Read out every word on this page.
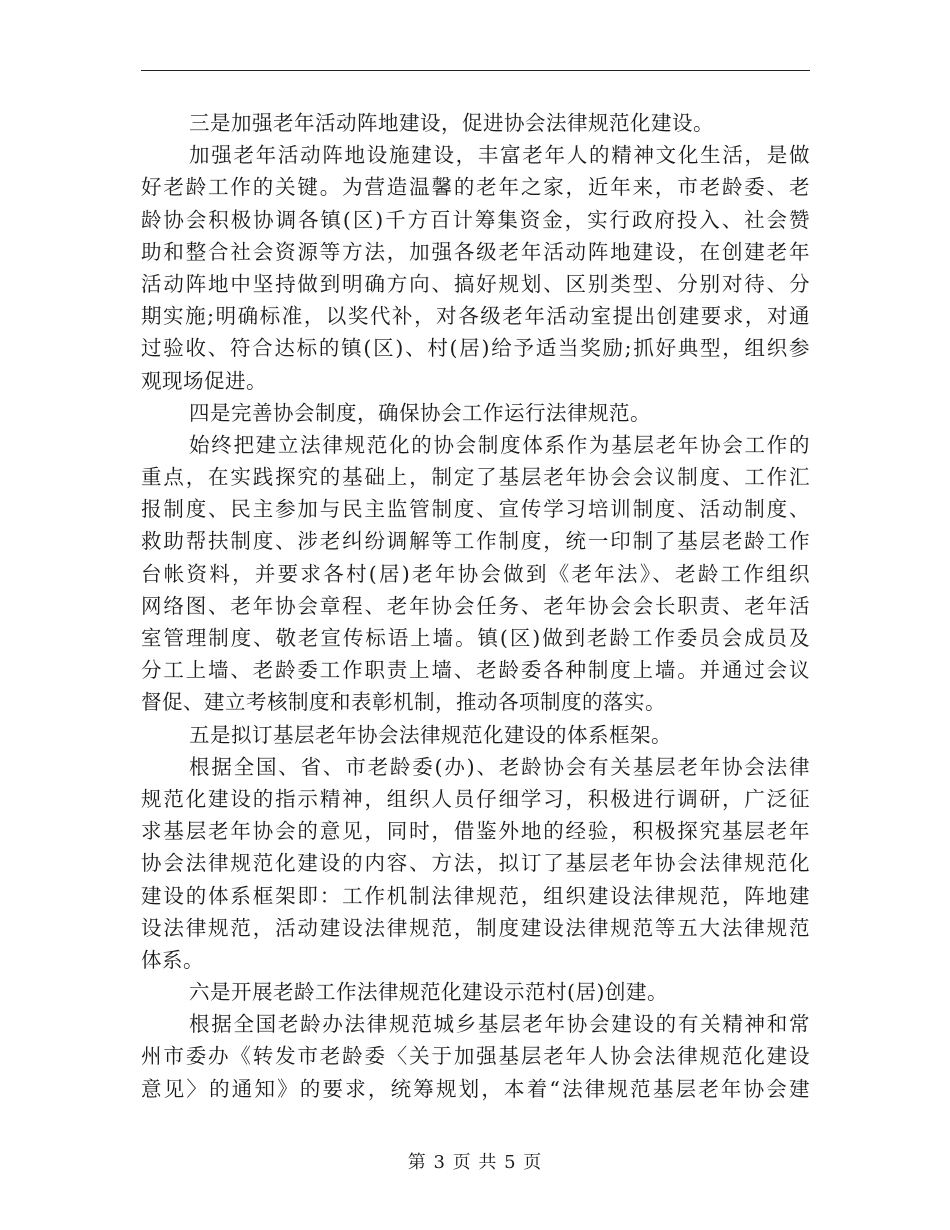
三是加强老年活动阵地建设，促进协会法律规范化建设。
加强老年活动阵地设施建设，丰富老年人的精神文化生活，是做
好老龄工作的关键。为营造温馨的老年之家，近年来，市老龄委、老
龄协会积极协调各镇(区)千方百计筹集资金，实行政府投入、社会赞
助和整合社会资源等方法，加强各级老年活动阵地建设，在创建老年
活动阵地中坚持做到明确方向、搞好规划、区别类型、分别对待、分
期实施;明确标准，以奖代补，对各级老年活动室提出创建要求，对通
过验收、符合达标的镇(区)、村(居)给予适当奖励;抓好典型，组织参
观现场促进。
四是完善协会制度，确保协会工作运行法律规范。
始终把建立法律规范化的协会制度体系作为基层老年协会工作的
重点，在实践探究的基础上，制定了基层老年协会会议制度、工作汇
报制度、民主参加与民主监管制度、宣传学习培训制度、活动制度、
救助帮扶制度、涉老纠纷调解等工作制度，统一印制了基层老龄工作
台帐资料，并要求各村(居)老年协会做到《老年法》、老龄工作组织
网络图、老年协会章程、老年协会任务、老年协会会长职责、老年活
室管理制度、敬老宣传标语上墙。镇(区)做到老龄工作委员会成员及
分工上墙、老龄委工作职责上墙、老龄委各种制度上墙。并通过会议
督促、建立考核制度和表彰机制，推动各项制度的落实。
五是拟订基层老年协会法律规范化建设的体系框架。
根据全国、省、市老龄委(办)、老龄协会有关基层老年协会法律
规范化建设的指示精神，组织人员仔细学习，积极进行调研，广泛征
求基层老年协会的意见，同时，借鉴外地的经验，积极探究基层老年
协会法律规范化建设的内容、方法，拟订了基层老年协会法律规范化
建设的体系框架即：工作机制法律规范，组织建设法律规范，阵地建
设法律规范，活动建设法律规范，制度建设法律规范等五大法律规范
体系。
六是开展老龄工作法律规范化建设示范村(居)创建。
根据全国老龄办法律规范城乡基层老年协会建设的有关精神和常
州市委办《转发市老龄委〈关于加强基层老年人协会法律规范化建设
意见〉的通知》的要求，统筹规划，本着“法律规范基层老年协会建
第 3 页 共 5 页
